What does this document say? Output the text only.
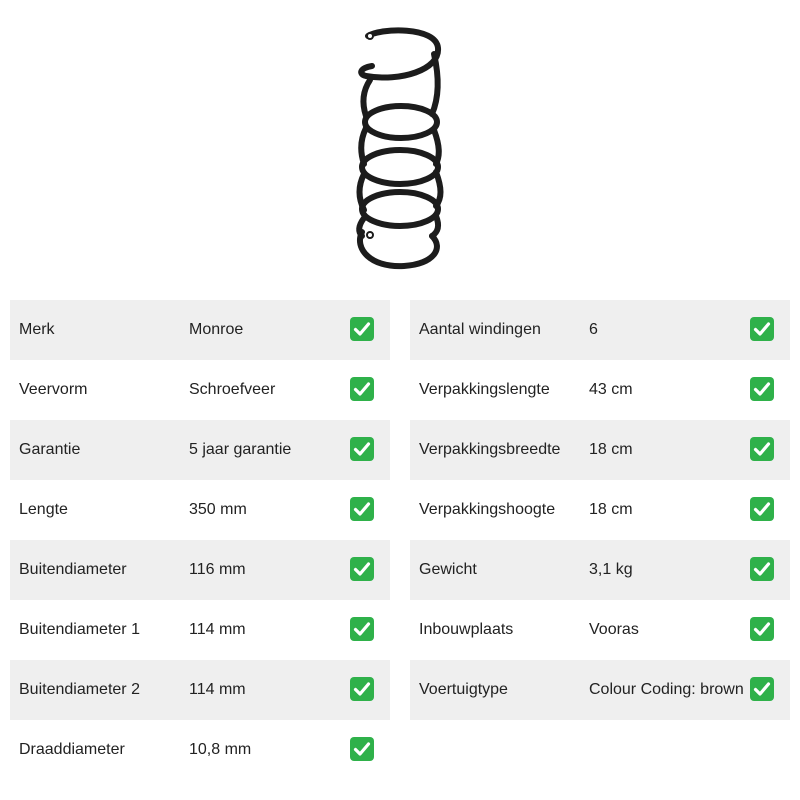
Merk	Monroe
Veervorm	Schroefveer
Garantie	5 jaar garantie
Lengte	350 mm
Buitendiameter	116 mm
Buitendiameter 1	114 mm
Buitendiameter 2	114 mm
Draaddiameter	10,8 mm
Aantal windingen	6
Verpakkingslengte 43 cm
Verpakkingsbreedte 18 cm
Verpakkingshoogte 18 cm
Gewicht	3,1 kg
Inbouwplaats	Vooras
Voertuigtype	Colour Coding: brown
